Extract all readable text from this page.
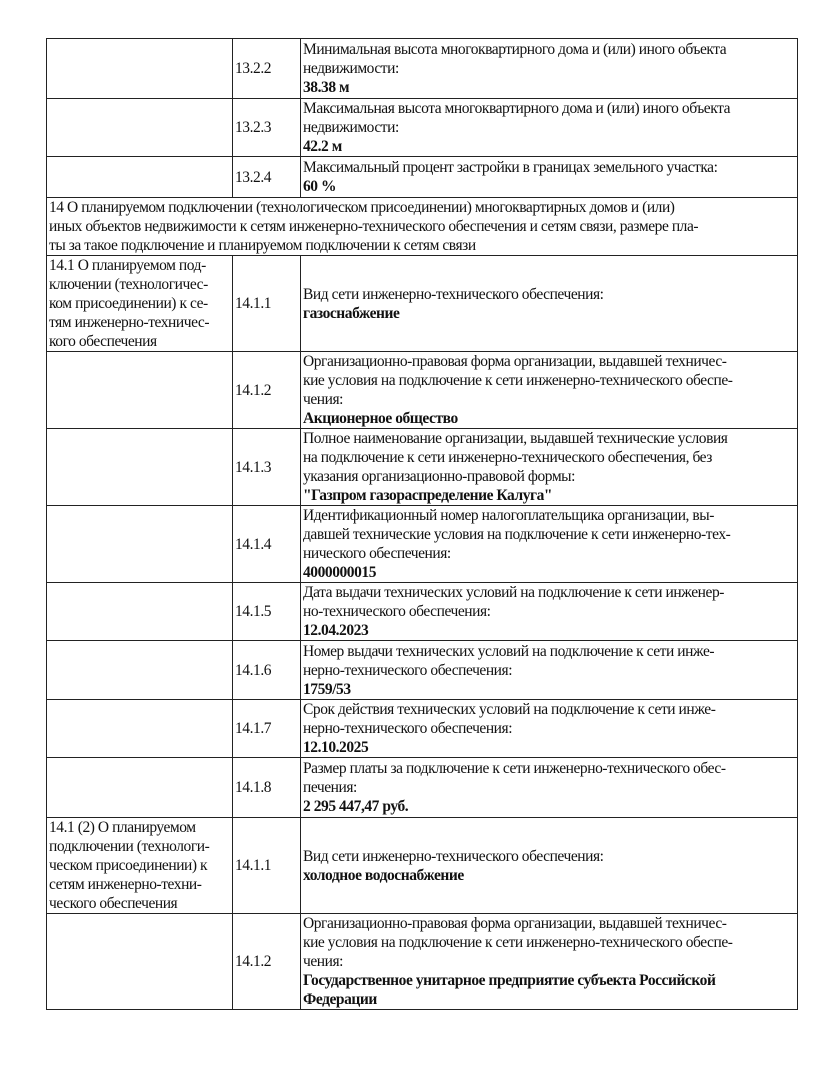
	13.2.2	Минимальная высота многоквартирного дома и (или) иного объекта
недвижимости:
38.38 м
	13.2.3	Максимальная высота многоквартирного дома и (или) иного объекта
недвижимости:
42.2 м
	13.2.4	Максимальный процент застройки в границах земельного участка:
60 %
14 О планируемом подключении (технологическом присоединении) многоквартирных домов и (или)
иных объектов недвижимости к сетям инженерно-технического обеспечения и сетям связи, размере пла-
ты за такое подключение и планируемом подключении к сетям связи		
14.1 О планируемом под-
ключении (технологичес-
ком присоединении) к се-
тям инженерно-техничес-
кого обеспечения	14.1.1	Вид сети инженерно-технического обеспечения:
газоснабжение
	14.1.2	Организационно-правовая форма организации, выдавшей техничес-
кие условия на подключение к сети инженерно-технического обеспе-
чения:
Акционерное общество
	14.1.3	Полное наименование организации, выдавшей технические условия
на подключение к сети инженерно-технического обеспечения, без
указания организационно-правовой формы:
"Газпром газораспределение Калуга"
	14.1.4	Идентификационный номер налогоплательщика организации, вы-
давшей технические условия на подключение к сети инженерно-тех-
нического обеспечения:
4000000015
	14.1.5	Дата выдачи технических условий на подключение к сети инженер-
но-технического обеспечения:
12.04.2023
	14.1.6	Номер выдачи технических условий на подключение к сети инже-
нерно-технического обеспечения:
1759/53
	14.1.7	Срок действия технических условий на подключение к сети инже-
нерно-технического обеспечения:
12.10.2025
	14.1.8	Размер платы за подключение к сети инженерно-технического обес-
печения:
2 295 447,47 руб.
14.1 (2) О планируемом
подключении (технологи-
ческом присоединении) к
сетям инженерно-техни-
ческого обеспечения	14.1.1	Вид сети инженерно-технического обеспечения:
холодное водоснабжение
	14.1.2	Организационно-правовая форма организации, выдавшей техничес-
кие условия на подключение к сети инженерно-технического обеспе-
чения:
Государственное унитарное предприятие субъекта Российской
Федерации
